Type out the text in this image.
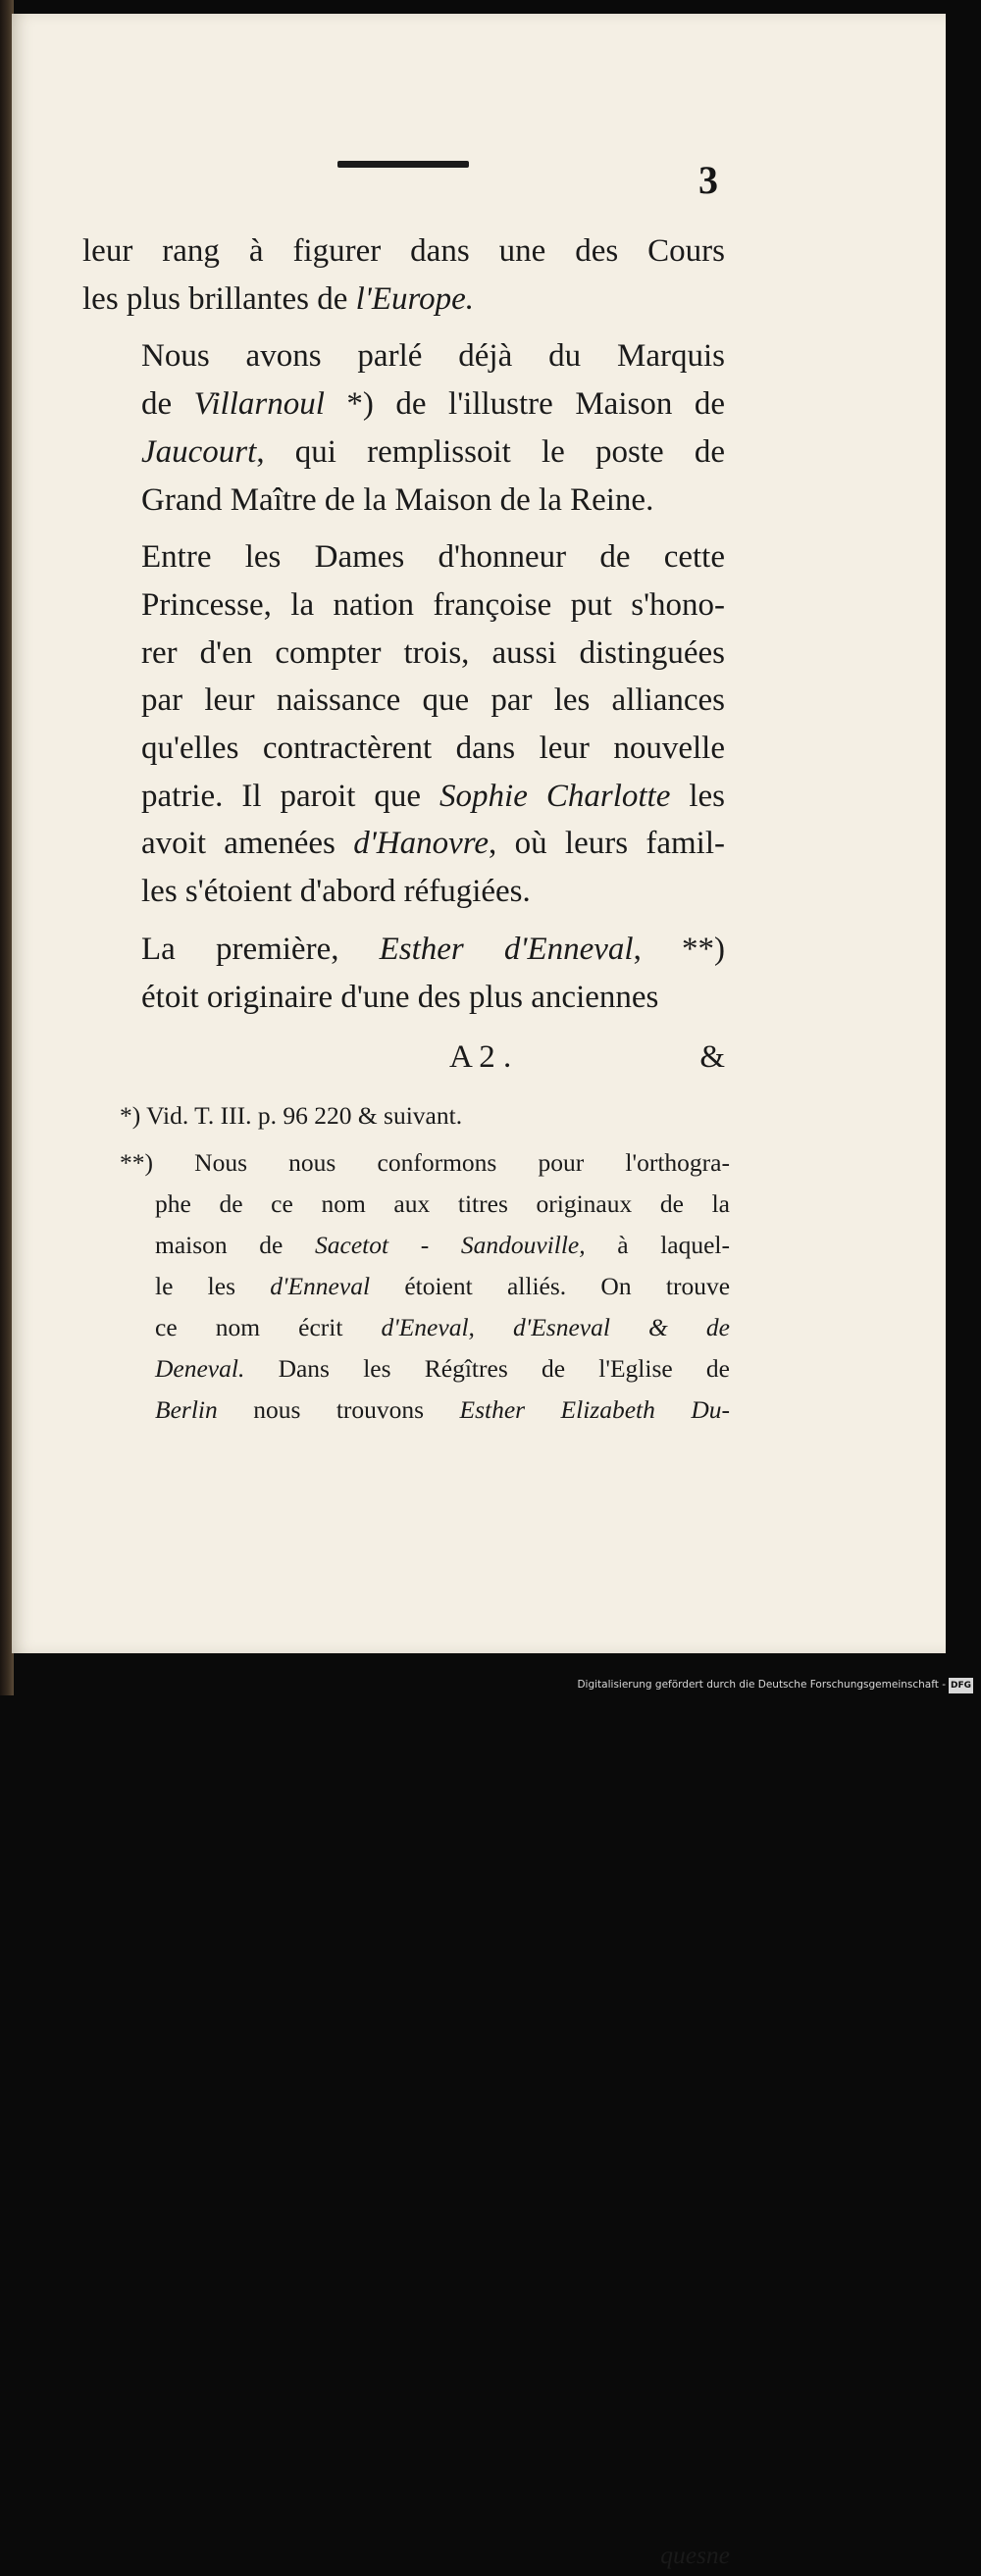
3

leur rang à figurer dans une des Cours
les plus brillantes de l'Europe.

Nous avons parlé déjà du Marquis
de Villarnoul *) de l'illustre Maison de
Jaucourt, qui remplissoit le poste de
Grand Maître de la Maison de la Reine.

Entre les Dames d'honneur de cette
Princesse, la nation françoise put s'hono-
rer d'en compter trois, aussi distinguées
par leur naissance que par les alliances
qu'elles contractèrent dans leur nouvelle
patrie. Il paroit que Sophie Charlotte les
avoit amenées d'Hanovre, où leurs famil-
les s'étoient d'abord réfugiées.

La première, Esther d'Enneval, **)
étoit originaire d'une des plus anciennes

A 2 .	&
*) Vid. T. III. p. 96 220 & suivant.
**) Nous nous conformons pour l'orthogra-
phe de ce nom aux titres originaux de la
maison de Sacetot - Sandouville, à laquel-
le les d'Enneval étoient alliés. On trouve
ce nom écrit d'Eneval, d'Esneval & de
Deneval. Dans les Régîtres de l'Eglise de
Berlin nous trouvons Esther Elizabeth Du-
quesne
Digitalisierung gefördert durch die Deutsche Forschungsgemeinschaft - DFG
